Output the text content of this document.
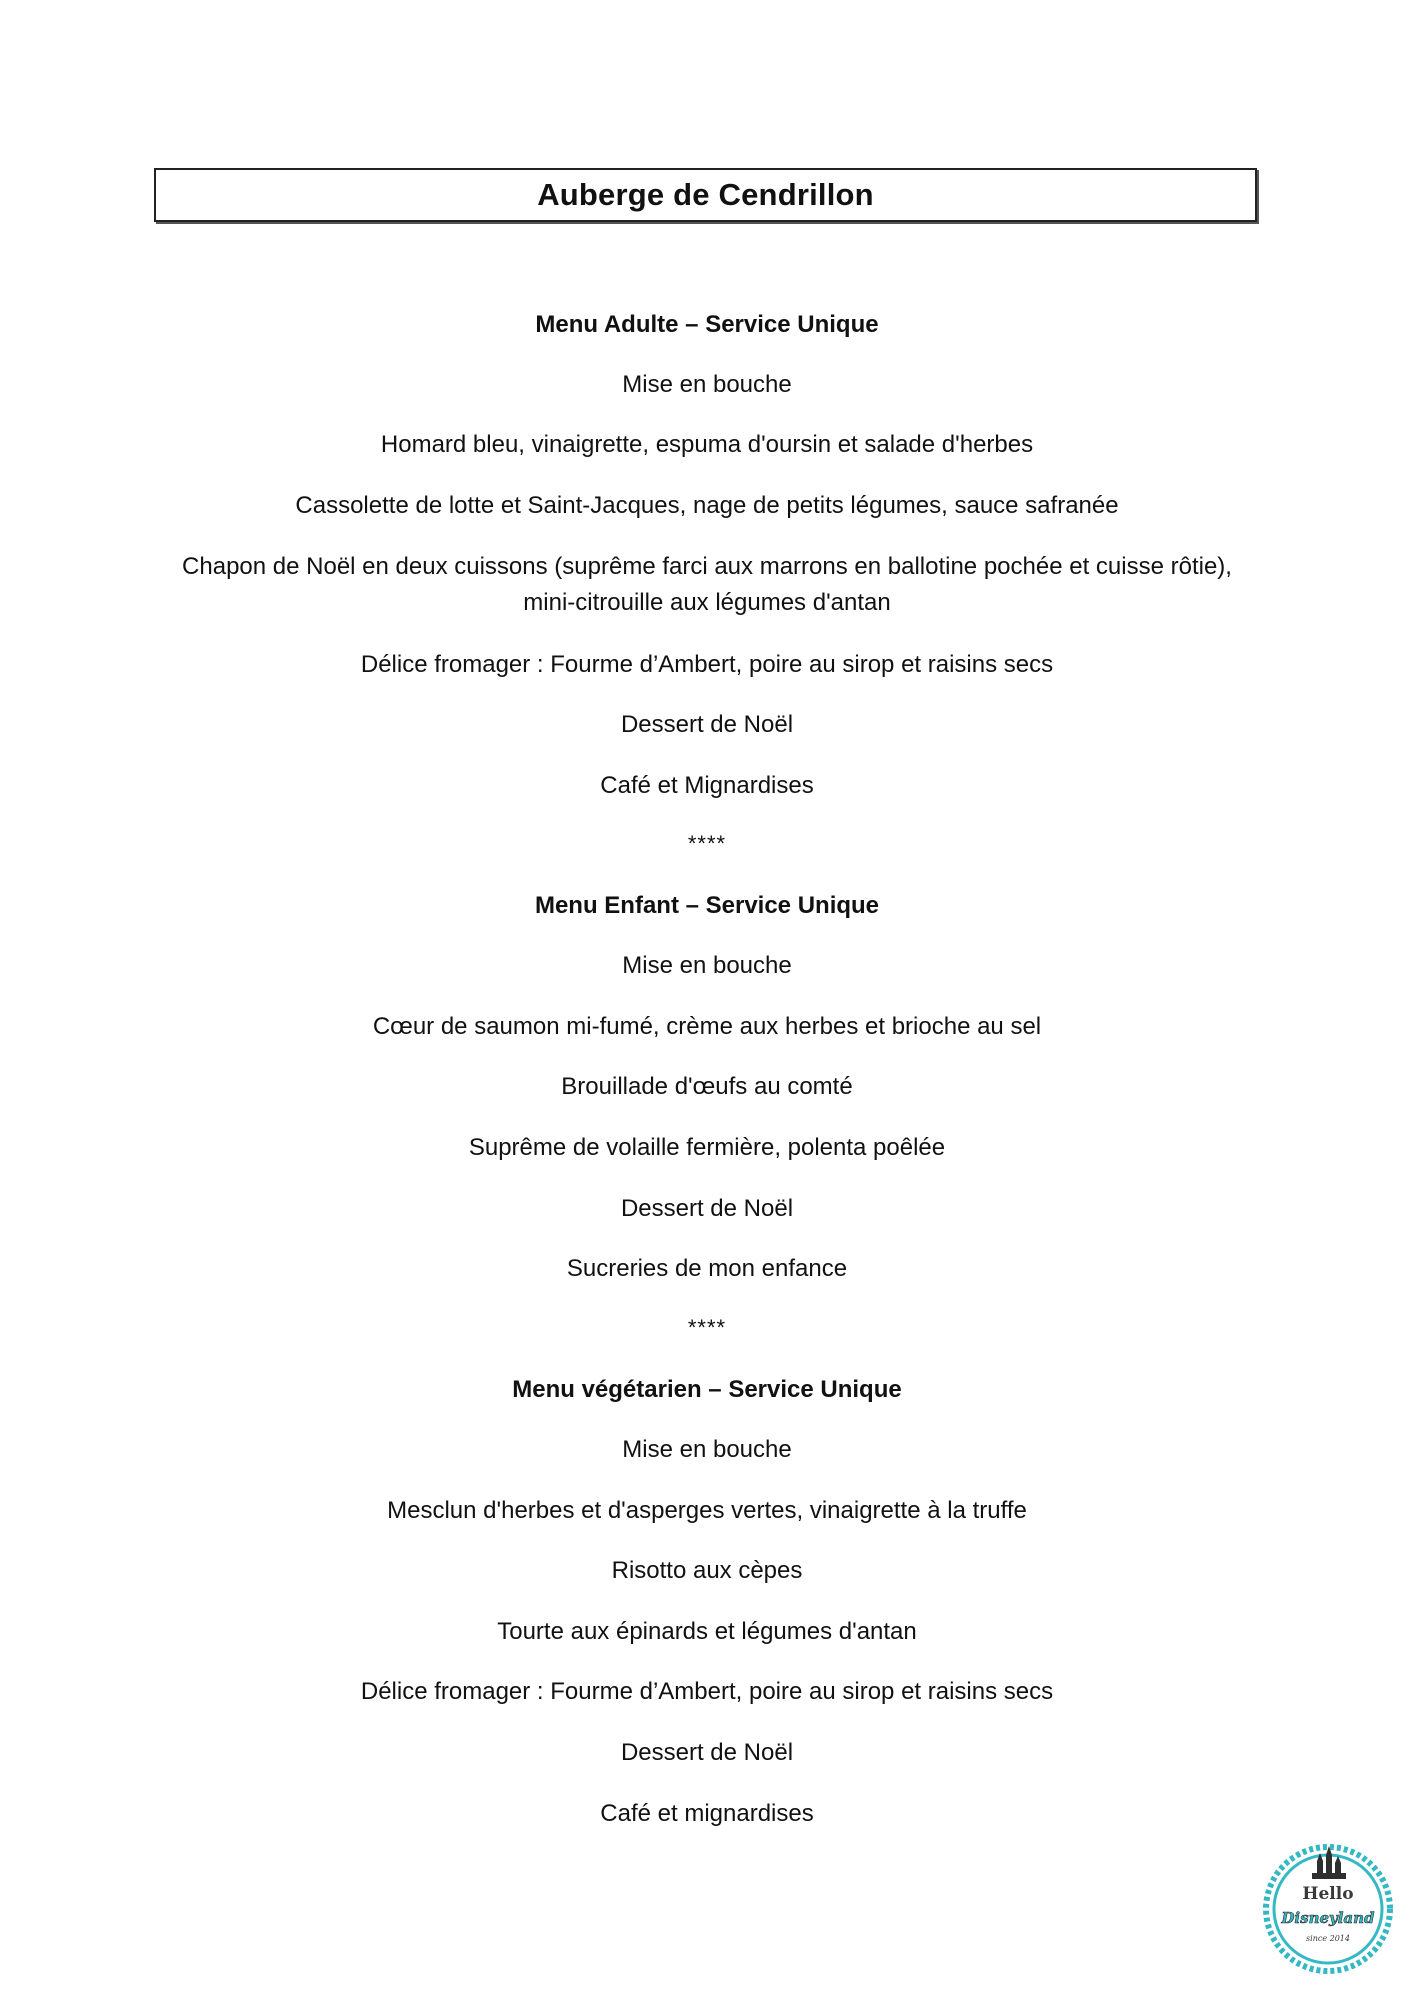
Auberge de Cendrillon
Menu Adulte – Service Unique
Mise en bouche
Homard bleu, vinaigrette, espuma d'oursin et salade d'herbes
Cassolette de lotte et Saint-Jacques, nage de petits légumes, sauce safranée
Chapon de Noël en deux cuissons (suprême farci aux marrons en ballotine pochée et cuisse rôtie),
mini-citrouille aux légumes d'antan
Délice fromager : Fourme d’Ambert, poire au sirop et raisins secs
Dessert de Noël
Café et Mignardises
****
Menu Enfant – Service Unique
Mise en bouche
Cœur de saumon mi-fumé, crème aux herbes et brioche au sel
Brouillade d'œufs au comté
Suprême de volaille fermière, polenta poêlée
Dessert de Noël
Sucreries de mon enfance
****
Menu végétarien – Service Unique
Mise en bouche
Mesclun d'herbes et d'asperges vertes, vinaigrette à la truffe
Risotto aux cèpes
Tourte aux épinards et légumes d'antan
Délice fromager : Fourme d’Ambert, poire au sirop et raisins secs
Dessert de Noël
Café et mignardises
Hello
Disneyland
since 2014
